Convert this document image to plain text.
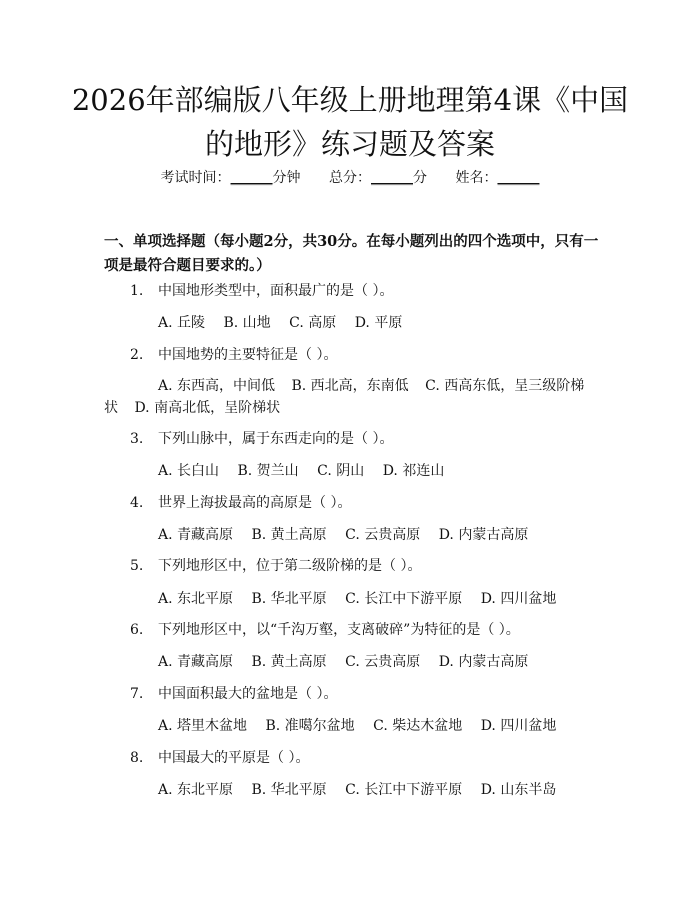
2026年部编版八年级上册地理第4课《中国
的地形》练习题及答案
考试时间：______分钟 总分：______分 姓名：______
一、单项选择题（每小题2分，共30分。在每小题列出的四个选项中，只有一项是最符合题目要求的。）
1. 中国地形类型中，面积最广的是（ ）。
A. 丘陵 B. 山地 C. 高原 D. 平原
2. 中国地势的主要特征是（ ）。
A. 东西高，中间低 B. 西北高，东南低 C. 西高东低，呈三级阶梯状 D. 南高北低，呈阶梯状
3. 下列山脉中，属于东西走向的是（ ）。
A. 长白山 B. 贺兰山 C. 阴山 D. 祁连山
4. 世界上海拔最高的高原是（ ）。
A. 青藏高原 B. 黄土高原 C. 云贵高原 D. 内蒙古高原
5. 下列地形区中，位于第二级阶梯的是（ ）。
A. 东北平原 B. 华北平原 C. 长江中下游平原 D. 四川盆地
6. 下列地形区中，以“千沟万壑，支离破碎”为特征的是（ ）。
A. 青藏高原 B. 黄土高原 C. 云贵高原 D. 内蒙古高原
7. 中国面积最大的盆地是（ ）。
A. 塔里木盆地 B. 准噶尔盆地 C. 柴达木盆地 D. 四川盆地
8. 中国最大的平原是（ ）。
A. 东北平原 B. 华北平原 C. 长江中下游平原 D. 山东半岛
